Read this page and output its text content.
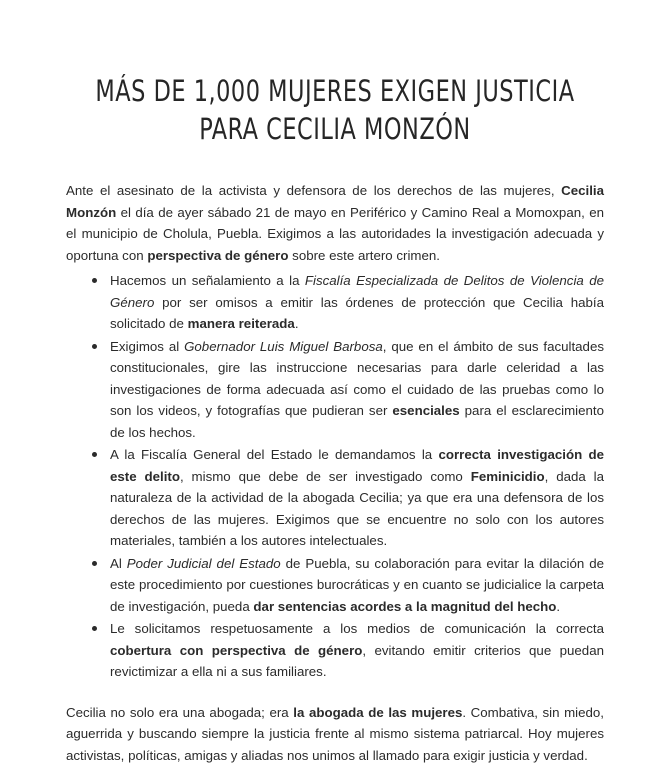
MÁS DE 1,000 MUJERES EXIGEN JUSTICIA
PARA CECILIA MONZÓN

Ante el asesinato de la activista y defensora de los derechos de las mujeres, Cecilia Monzón el día de ayer sábado 21 de mayo en Periférico y Camino Real a Momoxpan, en el municipio de Cholula, Puebla. Exigimos a las autoridades la investigación adecuada y oportuna con perspectiva de género sobre este artero crimen.

Hacemos un señalamiento a la Fiscalía Especializada de Delitos de Violencia de Género por ser omisos a emitir las órdenes de protección que Cecilia había solicitado de manera reiterada.
Exigimos al Gobernador Luis Miguel Barbosa, que en el ámbito de sus facultades constitucionales, gire las instruccione necesarias para darle celeridad a las investigaciones de forma adecuada así como el cuidado de las pruebas como lo son los videos, y fotografías que pudieran ser esenciales para el esclarecimiento de los hechos.
A la Fiscalía General del Estado le demandamos la correcta investigación de este delito, mismo que debe de ser investigado como Feminicidio, dada la naturaleza de la actividad de la abogada Cecilia; ya que era una defensora de los derechos de las mujeres. Exigimos que se encuentre no solo con los autores materiales, también a los autores intelectuales.
Al Poder Judicial del Estado de Puebla, su colaboración para evitar la dilación de este procedimiento por cuestiones burocráticas y en cuanto se judicialice la carpeta de investigación, pueda dar sentencias acordes a la magnitud del hecho.
Le solicitamos respetuosamente a los medios de comunicación la correcta cobertura con perspectiva de género, evitando emitir criterios que puedan revictimizar a ella ni a sus familiares.

Cecilia no solo era una abogada; era la abogada de las mujeres. Combativa, sin miedo, aguerrida y buscando siempre la justicia frente al mismo sistema patriarcal. Hoy mujeres activistas, políticas, amigas y aliadas nos unimos al llamado para exigir justicia y verdad.
